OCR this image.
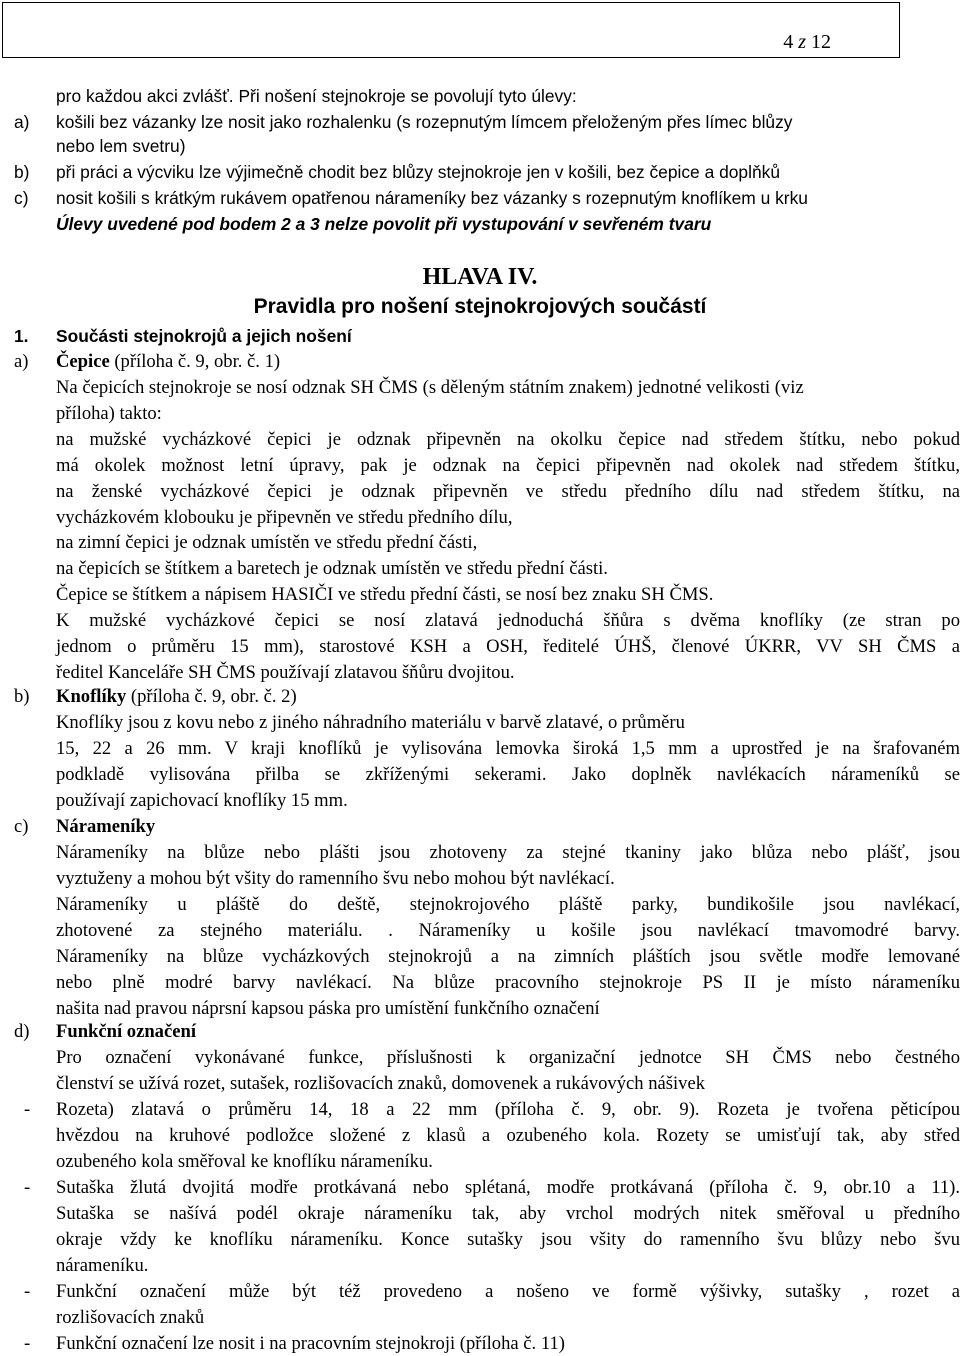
4 z 12
pro každou akci zvlášť. Při nošení stejnokroje se povolují tyto úlevy:
a) košili bez vázanky lze nosit jako rozhalenku (s rozepnutým límcem přeloženým přes límec blůzy
nebo lem svetru)
b) při práci a výcviku lze výjimečně chodit bez blůzy stejnokroje jen v košili, bez čepice a doplňků
c) nosit košili s krátkým rukávem opatřenou nárameníky bez vázanky s rozepnutým knoflíkem u krku
Úlevy uvedené pod bodem 2 a 3 nelze povolit při vystupování v sevřeném tvaru
HLAVA IV.
Pravidla pro nošení stejnokrojových součástí
1. Součásti stejnokrojů a jejich nošení
a) Čepice (příloha č. 9, obr. č. 1)
Na čepicích stejnokroje se nosí odznak SH ČMS (s děleným státním znakem) jednotné velikosti (viz
příloha) takto:
na mužské vycházkové čepici je odznak připevněn na okolku čepice nad středem štítku, nebo pokud
má okolek možnost letní úpravy, pak je odznak na čepici připevněn nad okolek nad středem štítku,
na ženské vycházkové čepici je odznak připevněn ve středu předního dílu nad středem štítku, na
vycházkovém klobouku je připevněn ve středu předního dílu,
na zimní čepici je odznak umístěn ve středu přední části,
na čepicích se štítkem a baretech je odznak umístěn ve středu přední části.
Čepice se štítkem a nápisem HASIČI ve středu přední části, se nosí bez znaku SH ČMS.
K mužské vycházkové čepici se nosí zlatavá jednoduchá šňůra s dvěma knoflíky (ze stran po
jednom o průměru 15 mm), starostové KSH a OSH, ředitelé ÚHŠ, členové ÚKRR, VV SH ČMS a
ředitel Kanceláře SH ČMS používají zlatavou šňůru dvojitou.
b) Knoflíky (příloha č. 9, obr. č. 2)
Knoflíky jsou z kovu nebo z jiného náhradního materiálu v barvě zlatavé, o průměru
15, 22 a 26 mm. V kraji knoflíků je vylisována lemovka široká 1,5 mm a uprostřed je na šrafovaném
podkladě vylisována přilba se zkříženými sekerami. Jako doplněk navlékacích nárameníků se
používají zapichovací knoflíky 15 mm.
c) Nárameníky
Nárameníky na blůze nebo plášti jsou zhotoveny za stejné tkaniny jako blůza nebo plášť, jsou
vyztuženy a mohou být všity do ramenního švu nebo mohou být navlékací.
Nárameníky u pláště do deště, stejnokrojového pláště parky, bundikošile jsou navlékací,
zhotovené za stejného materiálu. . Nárameníky u košile jsou navlékací tmavomodré barvy.
Nárameníky na blůze vycházkových stejnokrojů a na zimních pláštích jsou světle modře lemované
nebo plně modré barvy navlékací. Na blůze pracovního stejnokroje PS II je místo nárameníku
našita nad pravou náprsní kapsou páska pro umístění funkčního označení
d) Funkční označení
Pro označení vykonávané funkce, příslušnosti k organizační jednotce SH ČMS nebo čestného
členství se užívá rozet, sutašek, rozlišovacích znaků, domovenek a rukávových nášivek
- Rozeta) zlatavá o průměru 14, 18 a 22 mm (příloha č. 9, obr. 9). Rozeta je tvořena pěticípou
hvězdou na kruhové podložce složené z klasů a ozubeného kola. Rozety se umisťují tak, aby střed
ozubeného kola směřoval ke knoflíku nárameníku.
- Sutaška žlutá dvojitá modře protkávaná nebo splétaná, modře protkávaná (příloha č. 9, obr.10 a 11).
Sutaška se našívá podél okraje nárameníku tak, aby vrchol modrých nitek směřoval u předního
okraje vždy ke knoflíku nárameníku. Konce sutašky jsou všity do ramenního švu blůzy nebo švu
nárameníku.
- Funkční označení může být též provedeno a nošeno ve formě výšivky, sutašky , rozet a
rozlišovacích znaků
- Funkční označení lze nosit i na pracovním stejnokroji (příloha č. 11)
